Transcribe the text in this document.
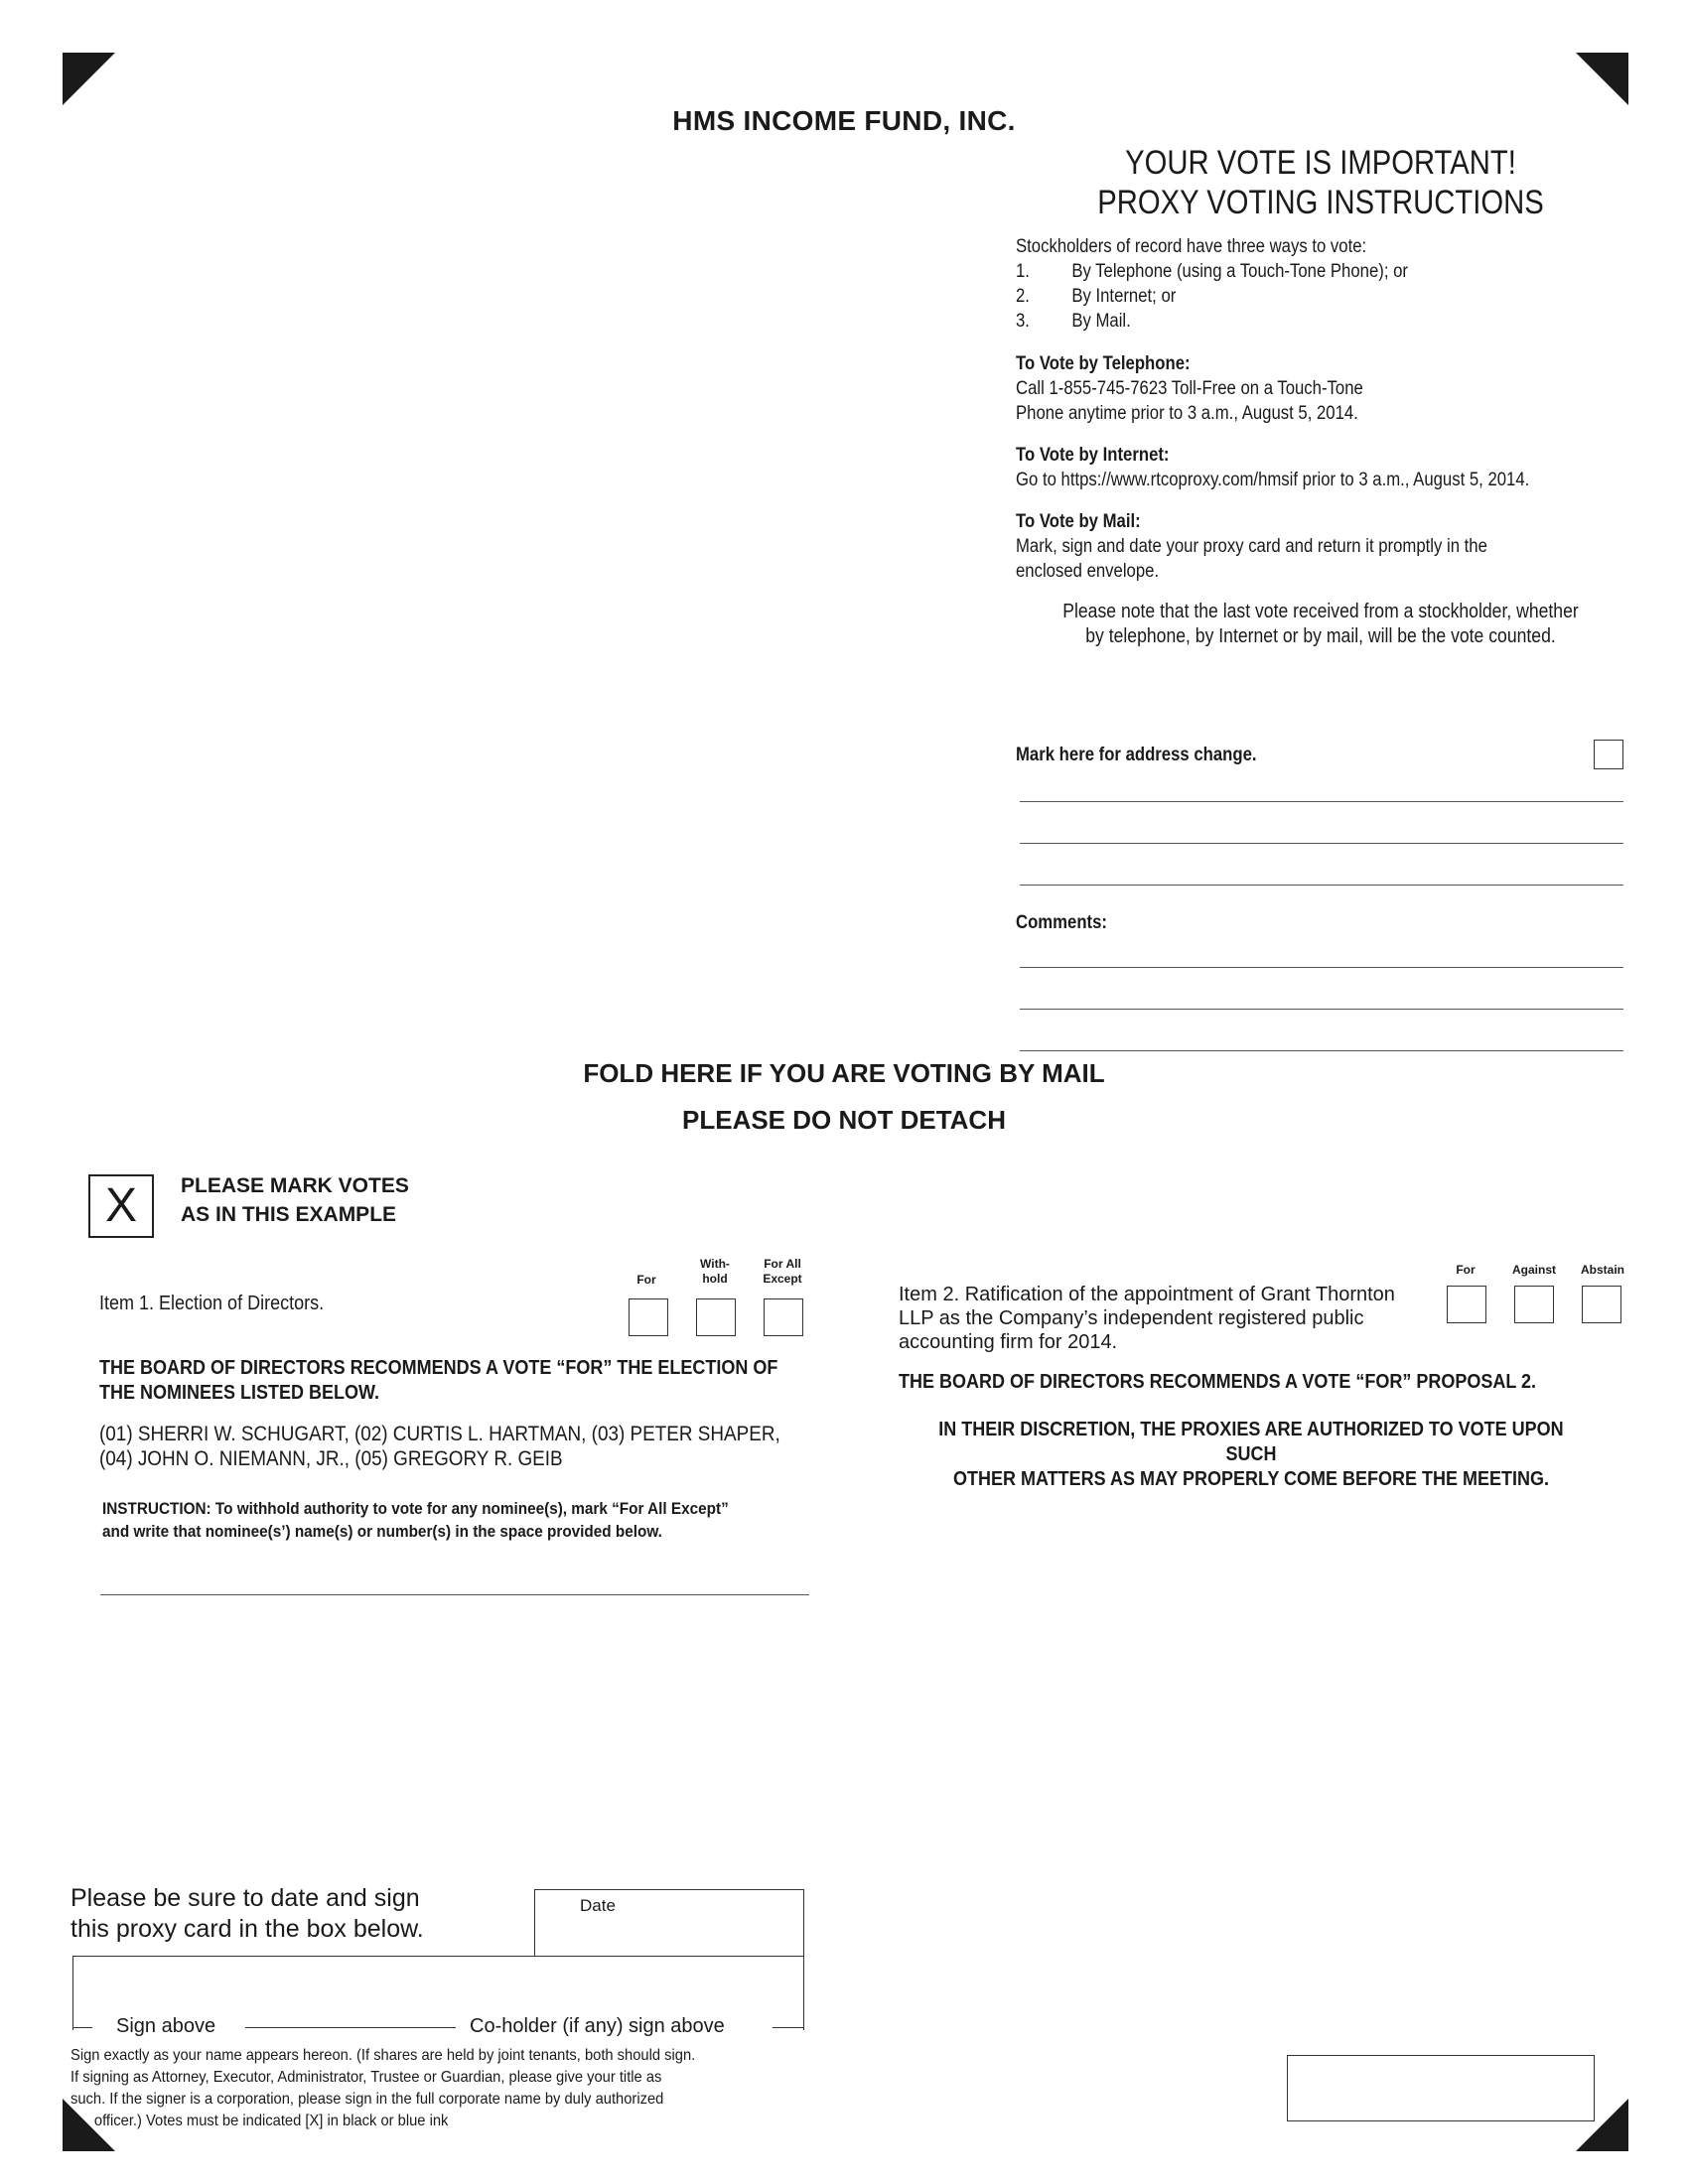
HMS INCOME FUND, INC.
YOUR VOTE IS IMPORTANT!
PROXY VOTING INSTRUCTIONS
Stockholders of record have three ways to vote:
1. By Telephone (using a Touch-Tone Phone); or
2. By Internet; or
3. By Mail.
To Vote by Telephone:
Call 1-855-745-7623 Toll-Free on a Touch-Tone
Phone anytime prior to 3 a.m., August 5, 2014.
To Vote by Internet:
Go to https://www.rtcoproxy.com/hmsif prior to 3 a.m., August 5, 2014.
To Vote by Mail:
Mark, sign and date your proxy card and return it promptly in the
enclosed envelope.
Please note that the last vote received from a stockholder, whether
by telephone, by Internet or by mail, will be the vote counted.
Mark here for address change.
Comments:
FOLD HERE IF YOU ARE VOTING BY MAIL
PLEASE DO NOT DETACH
X	PLEASE MARK VOTES
AS IN THIS EXAMPLE
Item 1. Election of Directors.
For
With-
hold
For All
Except
THE BOARD OF DIRECTORS RECOMMENDS A VOTE “FOR” THE ELECTION OF
THE NOMINEES LISTED BELOW.
(01) SHERRI W. SCHUGART, (02) CURTIS L. HARTMAN, (03) PETER SHAPER,
(04) JOHN O. NIEMANN, JR., (05) GREGORY R. GEIB
INSTRUCTION: To withhold authority to vote for any nominee(s), mark “For All Except”
and write that nominee(s’) name(s) or number(s) in the space provided below.
Item 2. Ratification of the appointment of Grant Thornton
LLP as the Company’s independent registered public
accounting firm for 2014.
For	Against	Abstain
THE BOARD OF DIRECTORS RECOMMENDS A VOTE “FOR” PROPOSAL 2.
IN THEIR DISCRETION, THE PROXIES ARE AUTHORIZED TO VOTE UPON SUCH
OTHER MATTERS AS MAY PROPERLY COME BEFORE THE MEETING.
Please be sure to date and sign
this proxy card in the box below.
Date
Sign above	Co-holder (if any) sign above
Sign exactly as your name appears hereon. (If shares are held by joint tenants, both should sign.
If signing as Attorney, Executor, Administrator, Trustee or Guardian, please give your title as
such. If the signer is a corporation, please sign in the full corporate name by duly authorized
officer.) Votes must be indicated [X] in black or blue ink
